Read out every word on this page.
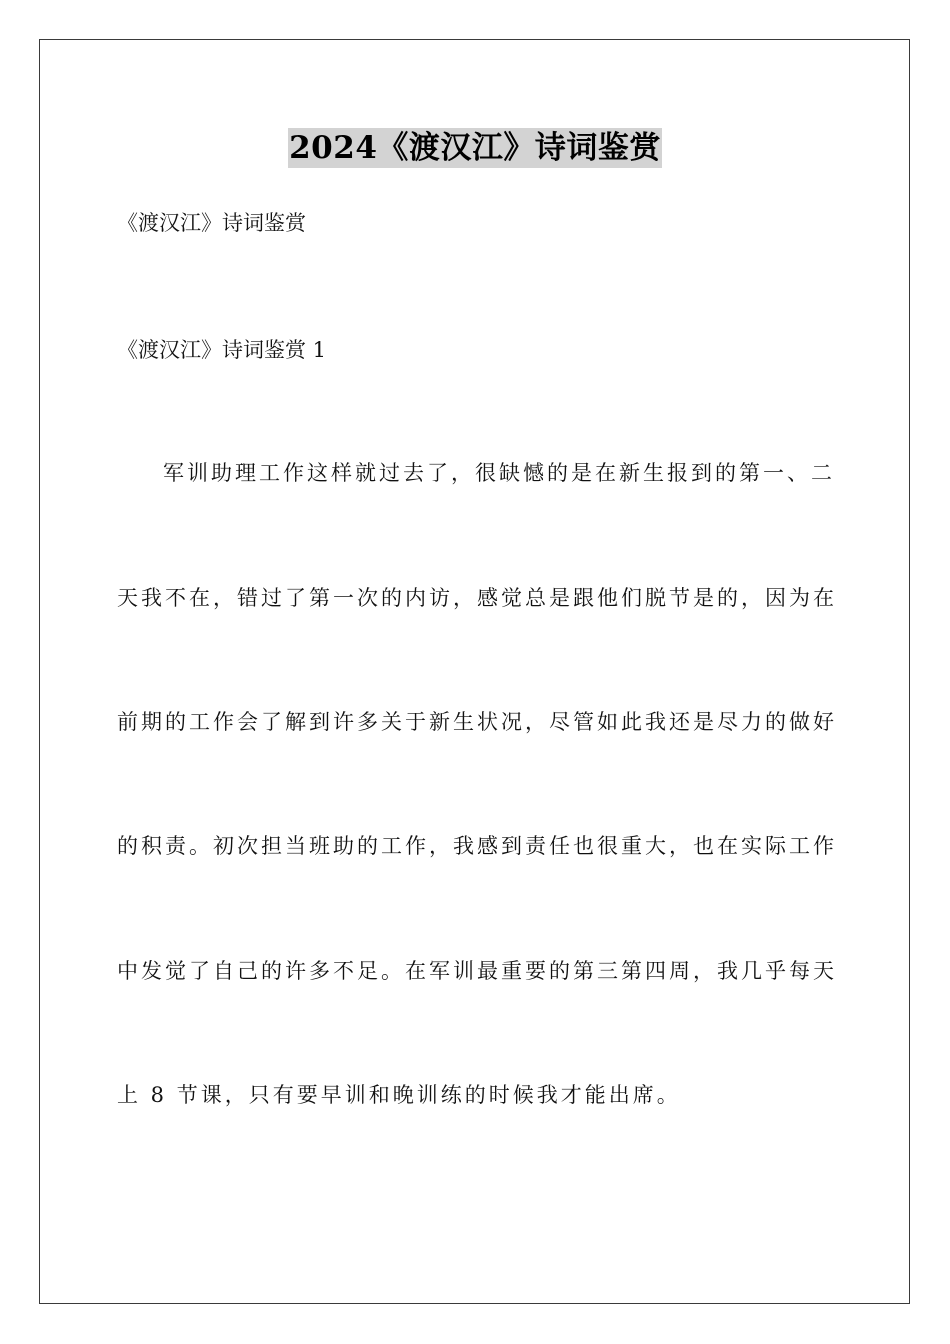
2024《渡汉江》诗词鉴赏
《渡汉江》诗词鉴赏
《渡汉江》诗词鉴赏 1
军训助理工作这样就过去了，很缺憾的是在新生报到的第一、二
天我不在，错过了第一次的内访，感觉总是跟他们脱节是的，因为在
前期的工作会了解到许多关于新生状况，尽管如此我还是尽力的做好
的积责。初次担当班助的工作，我感到责任也很重大，也在实际工作
中发觉了自己的许多不足。在军训最重要的第三第四周，我几乎每天
上 8 节课，只有要早训和晚训练的时候我才能出席。
